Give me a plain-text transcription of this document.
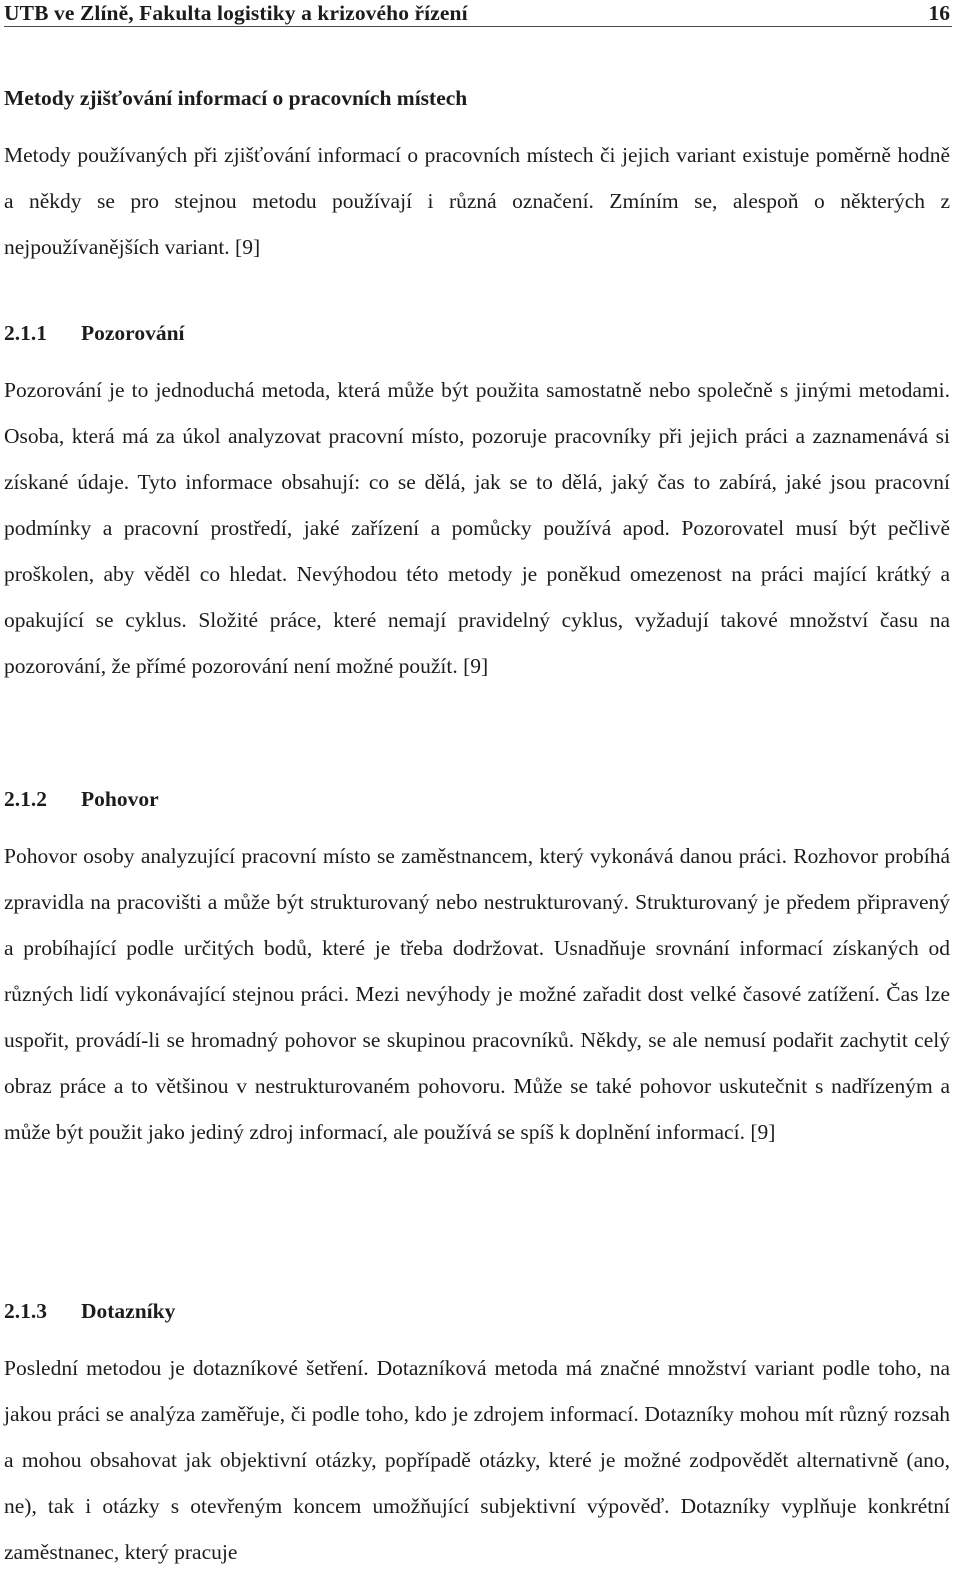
UTB ve Zlíně, Fakulta logistiky a krizového řízení	16
Metody zjišťování informací o pracovních místech

Metody používaných při zjišťování informací o pracovních místech či jejich variant existuje poměrně hodně a někdy se pro stejnou metodu používají i různá označení. Zmíním se, alespoň o některých z nejpoužívanějších variant. [9]

2.1.1 Pozorování

Pozorování je to jednoduchá metoda, která může být použita samostatně nebo společně s jinými metodami. Osoba, která má za úkol analyzovat pracovní místo, pozoruje pracovníky při jejich práci a zaznamenává si získané údaje. Tyto informace obsahují: co se dělá, jak se to dělá, jaký čas to zabírá, jaké jsou pracovní podmínky a pracovní prostředí, jaké zařízení a pomůcky používá apod. Pozorovatel musí být pečlivě proškolen, aby věděl co hledat. Nevýhodou této metody je poněkud omezenost na práci mající krátký a opakující se cyklus. Složité práce, které nemají pravidelný cyklus, vyžadují takové množství času na pozorování, že přímé pozorování není možné použít. [9]

2.1.2 Pohovor

Pohovor osoby analyzující pracovní místo se zaměstnancem, který vykonává danou práci. Rozhovor probíhá zpravidla na pracovišti a může být strukturovaný nebo nestrukturovaný. Strukturovaný je předem připravený a probíhající podle určitých bodů, které je třeba dodržovat. Usnadňuje srovnání informací získaných od různých lidí vykonávající stejnou práci. Mezi nevýhody je možné zařadit dost velké časové zatížení. Čas lze uspořit, provádí-li se hromadný pohovor se skupinou pracovníků. Někdy, se ale nemusí podařit zachytit celý obraz práce a to většinou v nestrukturovaném pohovoru. Může se také pohovor uskutečnit s nadřízeným a může být použit jako jediný zdroj informací, ale používá se spíš k doplnění informací. [9]

2.1.3 Dotazníky

Poslední metodou je dotazníkové šetření. Dotazníková metoda má značné množství variant podle toho, na jakou práci se analýza zaměřuje, či podle toho, kdo je zdrojem informací. Dotazníky mohou mít různý rozsah a mohou obsahovat jak objektivní otázky, popřípadě otázky, které je možné zodpovědět alternativně (ano, ne), tak i otázky s otevřeným koncem umožňující subjektivní výpověď. Dotazníky vyplňuje konkrétní zaměstnanec, který pracuje
